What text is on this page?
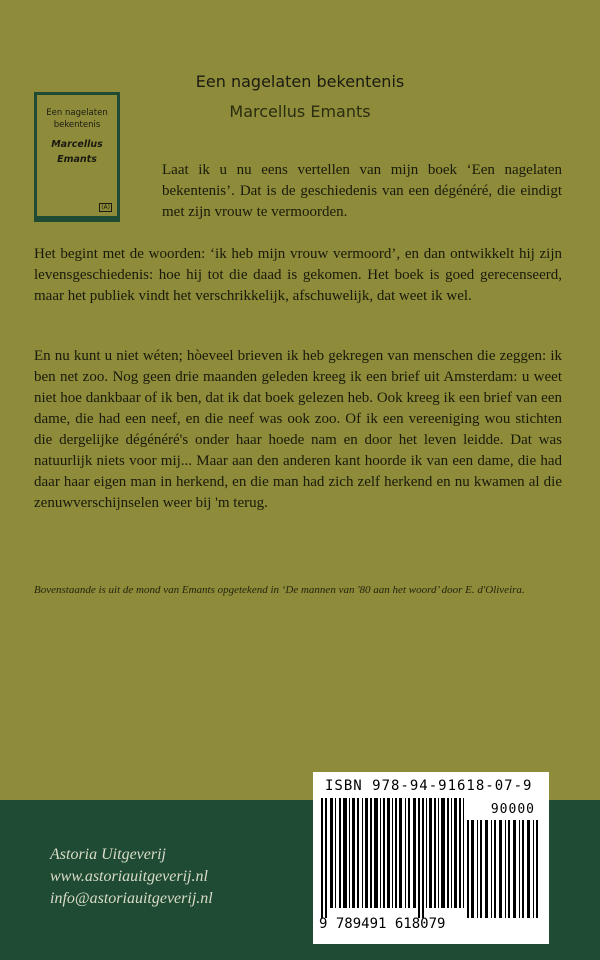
Een nagelaten bekentenis
Marcellus Emants
Een nagelaten bekentenis
Marcellus
Emants
(A)

Laat ik u nu eens vertellen van mijn boek ‘Een nagelaten bekentenis’. Dat is de geschiedenis van een dégénéré, die eindigt met zijn vrouw te vermoorden.

Het begint met de woorden: ‘ik heb mijn vrouw vermoord’, en dan ontwikkelt hij zijn levensgeschiedenis: hoe hij tot die daad is gekomen. Het boek is goed gerecenseerd, maar het publiek vindt het verschrikkelijk, afschuwelijk, dat weet ik wel.

En nu kunt u niet wéten; hòeveel brieven ik heb gekregen van menschen die zeggen: ik ben net zoo. Nog geen drie maanden geleden kreeg ik een brief uit Amsterdam: u weet niet hoe dankbaar of ik ben, dat ik dat boek gelezen heb. Ook kreeg ik een brief van een dame, die had een neef, en die neef was ook zoo. Of ik een vereeniging wou stichten die dergelijke dégénéré's onder haar hoede nam en door het leven leidde. Dat was natuurlijk niets voor mij... Maar aan den anderen kant hoorde ik van een dame, die had daar haar eigen man in herkend, en die man had zich zelf herkend en nu kwamen al die zenuwverschijnselen weer bij 'm terug.

Bovenstaande is uit de mond van Emants opgetekend in ‘De mannen van '80 aan het woord’ door E. d'Oliveira.

ISBN 978-94-91618-07-9
90000
9 789491 618079
Astoria Uitgeverij
www.astoriauitgeverij.nl
info@astoriauitgeverij.nl
